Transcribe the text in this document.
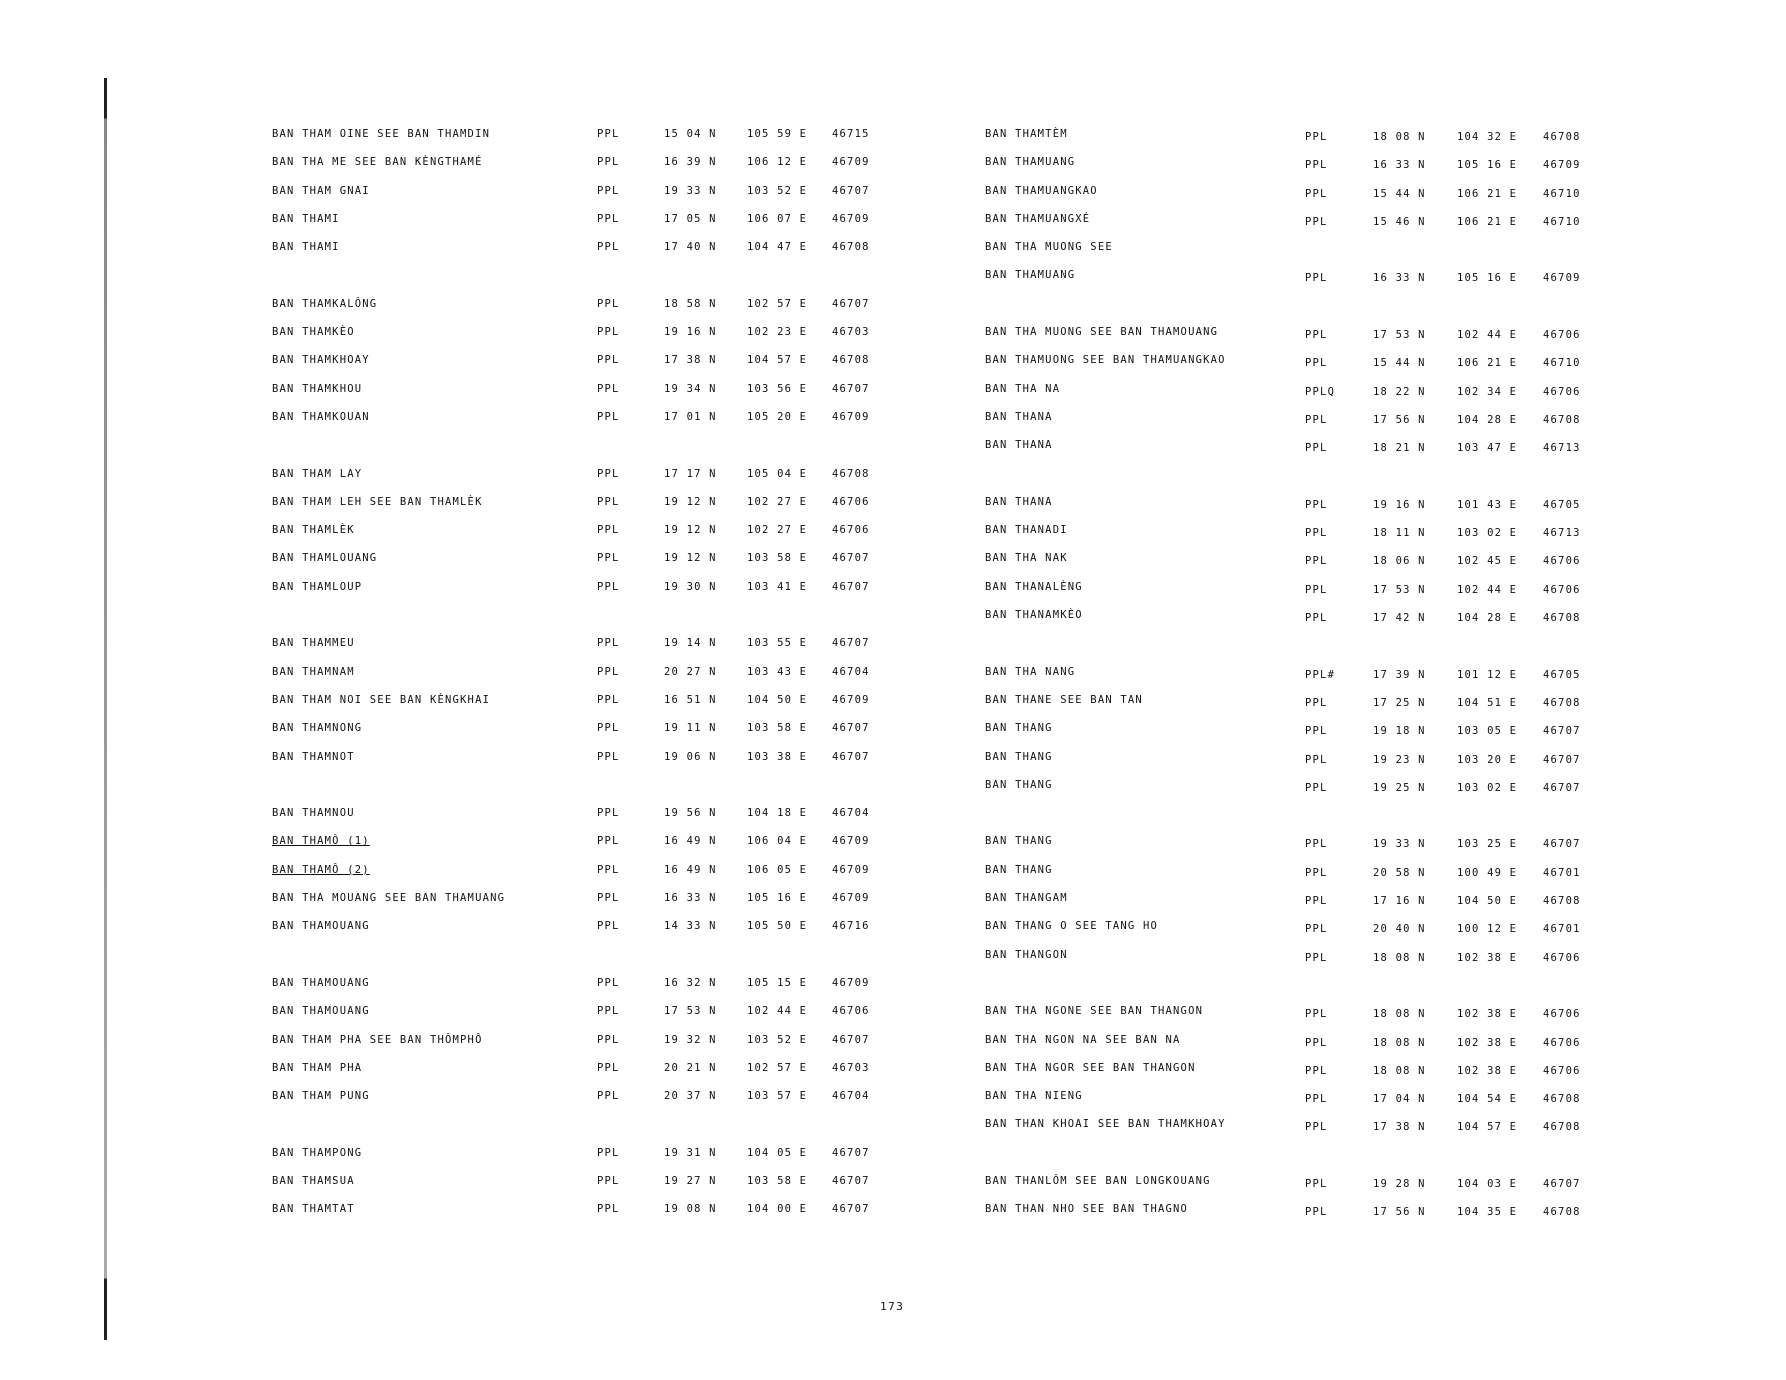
BAN THAM OINE SEE BAN THAMDIN	PPL	15 04 N	105 59 E 46715
BAN THA ME SEE BAN KÈNGTHAMÉ	PPL	16 39 N	106 12 E 46709
BAN THAM GNAI	PPL	19 33 N	103 52 E 46707
BAN THAMI	PPL	17 05 N	106 07 E 46709
BAN THAMI	PPL	17 40 N	104 47 E 46708
BAN THAMKALÔNG	PPL	18 58 N	102 57 E 46707
BAN THAMKÈO	PPL	19 16 N	102 23 E 46703
BAN THAMKHOAY	PPL	17 38 N	104 57 E 46708
BAN THAMKHOU	PPL	19 34 N	103 56 E 46707
BAN THAMKOUAN	PPL	17 01 N	105 20 E 46709
BAN THAM LAY	PPL	17 17 N	105 04 E 46708
BAN THAM LEH SEE BAN THAMLÈK	PPL	19 12 N	102 27 E 46706
BAN THAMLÈK	PPL	19 12 N	102 27 E 46706
BAN THAMLOUANG	PPL	19 12 N	103 58 E 46707
BAN THAMLOUP	PPL	19 30 N	103 41 E 46707
BAN THAMMEU	PPL	19 14 N	103 55 E 46707
BAN THAMNAM	PPL	20 27 N	103 43 E 46704
BAN THAM NOI SEE BAN KÈNGKHAI	PPL	16 51 N	104 50 E 46709
BAN THAMNONG	PPL	19 11 N	103 58 E 46707
BAN THAMNOT	PPL	19 06 N	103 38 E 46707
BAN THAMNOU	PPL	19 56 N	104 18 E 46704
BAN THAMÔ (1)	PPL	16 49 N	106 04 E 46709
BAN THAMÔ (2)	PPL	16 49 N	106 05 E 46709
BAN THA MOUANG SEE BAN THAMUANG	PPL	16 33 N	105 16 E 46709
BAN THAMOUANG	PPL	14 33 N	105 50 E 46716
BAN THAMOUANG	PPL	16 32 N	105 15 E 46709
BAN THAMOUANG	PPL	17 53 N	102 44 E 46706
BAN THAM PHA SEE BAN THÔMPHÔ	PPL	19 32 N	103 52 E 46707
BAN THAM PHA	PPL	20 21 N	102 57 E 46703
BAN THAM PUNG	PPL	20 37 N	103 57 E 46704
BAN THAMPONG	PPL	19 31 N	104 05 E 46707
BAN THAMSUA	PPL	19 27 N	103 58 E 46707
BAN THAMTAT	PPL	19 08 N	104 00 E 46707
BAN THAMTÈM	PPL	18 08 N	104 32 E 46708
BAN THAMUANG	PPL	16 33 N	105 16 E 46709
BAN THAMUANGKAO	PPL	15 44 N	106 21 E 46710
BAN THAMUANGXÉ	PPL	15 46 N	106 21 E 46710
BAN THA MUONG SEE
BAN THAMUANG	PPL	16 33 N	105 16 E 46709
BAN THA MUONG SEE BAN THAMOUANG	PPL	17 53 N	102 44 E 46706
BAN THAMUONG SEE BAN THAMUANGKAO	PPL	15 44 N	106 21 E 46710
BAN THA NA	PPLQ	18 22 N	102 34 E 46706
BAN THANA	PPL	17 56 N	104 28 E 46708
BAN THANA	PPL	18 21 N	103 47 E 46713
BAN THANA	PPL	19 16 N	101 43 E 46705
BAN THANADI	PPL	18 11 N	103 02 E 46713
BAN THA NAK	PPL	18 06 N	102 45 E 46706
BAN THANALÈNG	PPL	17 53 N	102 44 E 46706
BAN THANAMKÈO	PPL	17 42 N	104 28 E 46708
BAN THA NANG	PPL#	17 39 N	101 12 E 46705
BAN THANE SEE BAN TAN	PPL	17 25 N	104 51 E 46708
BAN THANG	PPL	19 18 N	103 05 E 46707
BAN THANG	PPL	19 23 N	103 20 E 46707
BAN THANG	PPL	19 25 N	103 02 E 46707
BAN THANG	PPL	19 33 N	103 25 E 46707
BAN THANG	PPL	20 58 N	100 49 E 46701
BAN THANGAM	PPL	17 16 N	104 50 E 46708
BAN THANG O SEE TANG HO	PPL	20 40 N	100 12 E 46701
BAN THANGON	PPL	18 08 N	102 38 E 46706
BAN THA NGONE SEE BAN THANGON	PPL	18 08 N	102 38 E 46706
BAN THA NGON NA SEE BAN NA	PPL	18 08 N	102 38 E 46706
BAN THA NGOR SEE BAN THANGON	PPL	18 08 N	102 38 E 46706
BAN THA NIENG	PPL	17 04 N	104 54 E 46708
BAN THAN KHOAI SEE BAN THAMKHOAY	PPL	17 38 N	104 57 E 46708
BAN THANLÔM SEE BAN LONGKOUANG	PPL	19 28 N	104 03 E 46707
BAN THAN NHO SEE BAN THAGNO	PPL	17 56 N	104 35 E 46708
173
